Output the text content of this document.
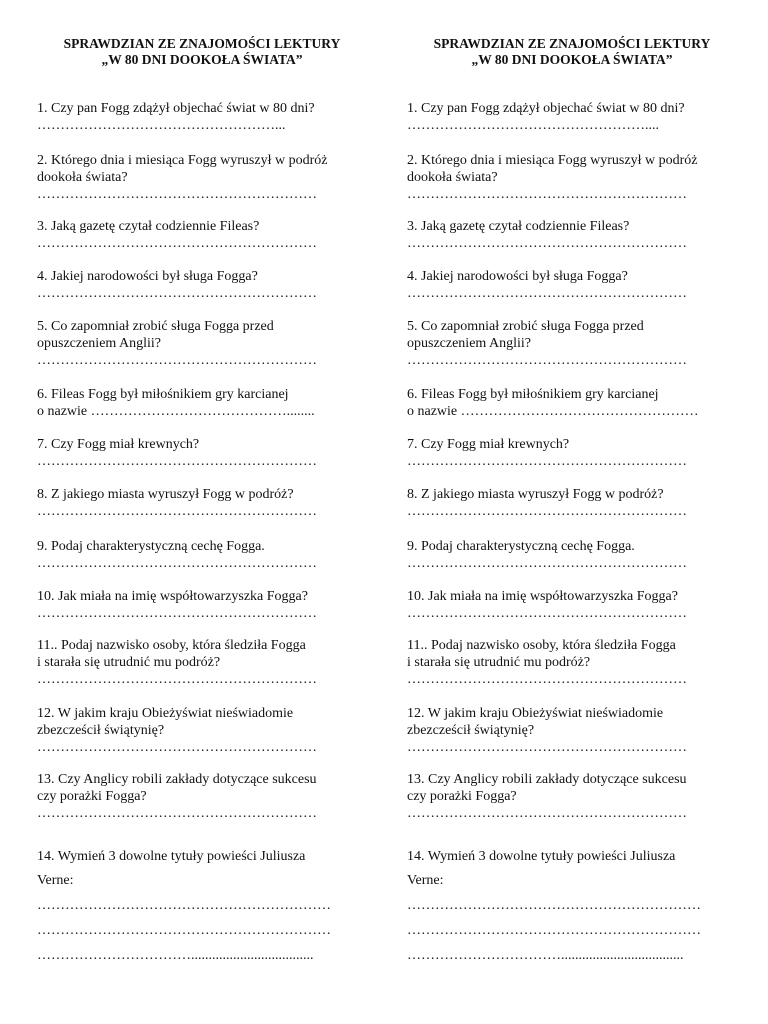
SPRAWDZIAN ZE ZNAJOMOŚCI LEKTURY
„W 80 DNI DOOKOŁA ŚWIATA”
1. Czy pan Fogg zdążył objechać świat w 80 dni?
……………………………………………...
2. Którego dnia i miesiąca Fogg wyruszył w podróż
dookoła świata?
……………………………………………………
3. Jaką gazetę czytał codziennie Fileas?
……………………………………………………
4. Jakiej narodowości był sługa Fogga?
……………………………………………………
5. Co zapomniał zrobić sługa Fogga przed
opuszczeniem Anglii?
……………………………………………………
6. Fileas Fogg był miłośnikiem gry karcianej
o nazwie ……………………………………........
7. Czy Fogg miał krewnych?
……………………………………………………
8. Z jakiego miasta wyruszył Fogg w podróż?
……………………………………………………
9. Podaj charakterystyczną cechę Fogga.
……………………………………………………
10. Jak miała na imię współtowarzyszka Fogga?
……………………………………………………
11.. Podaj nazwisko osoby, która śledziła Fogga
i starała się utrudnić mu podróż?
……………………………………………………
12. W jakim kraju Obieżyświat nieświadomie
zbezcześcił świątynię?
……………………………………………………
13. Czy Anglicy robili zakłady dotyczące sukcesu
czy porażki Fogga?
……………………………………………………
14. Wymień 3 dowolne tytuły powieści Juliusza
Verne:
………………………………………………………
………………………………………………………
……………………………...................................
SPRAWDZIAN ZE ZNAJOMOŚCI LEKTURY
„W 80 DNI DOOKOŁA ŚWIATA”
1. Czy pan Fogg zdążył objechać świat w 80 dni?
……………………………………………....
2. Którego dnia i miesiąca Fogg wyruszył w podróż
dookoła świata?
……………………………………………………
3. Jaką gazetę czytał codziennie Fileas?
……………………………………………………
4. Jakiej narodowości był sługa Fogga?
……………………………………………………
5. Co zapomniał zrobić sługa Fogga przed
opuszczeniem Anglii?
……………………………………………………
6. Fileas Fogg był miłośnikiem gry karcianej
o nazwie ……………………………………………
7. Czy Fogg miał krewnych?
……………………………………………………
8. Z jakiego miasta wyruszył Fogg w podróż?
……………………………………………………
9. Podaj charakterystyczną cechę Fogga.
……………………………………………………
10. Jak miała na imię współtowarzyszka Fogga?
……………………………………………………
11.. Podaj nazwisko osoby, która śledziła Fogga
i starała się utrudnić mu podróż?
……………………………………………………
12. W jakim kraju Obieżyświat nieświadomie
zbezcześcił świątynię?
……………………………………………………
13. Czy Anglicy robili zakłady dotyczące sukcesu
czy porażki Fogga?
……………………………………………………
14. Wymień 3 dowolne tytuły powieści Juliusza
Verne:
………………………………………………………
………………………………………………………
……………………………...................................
